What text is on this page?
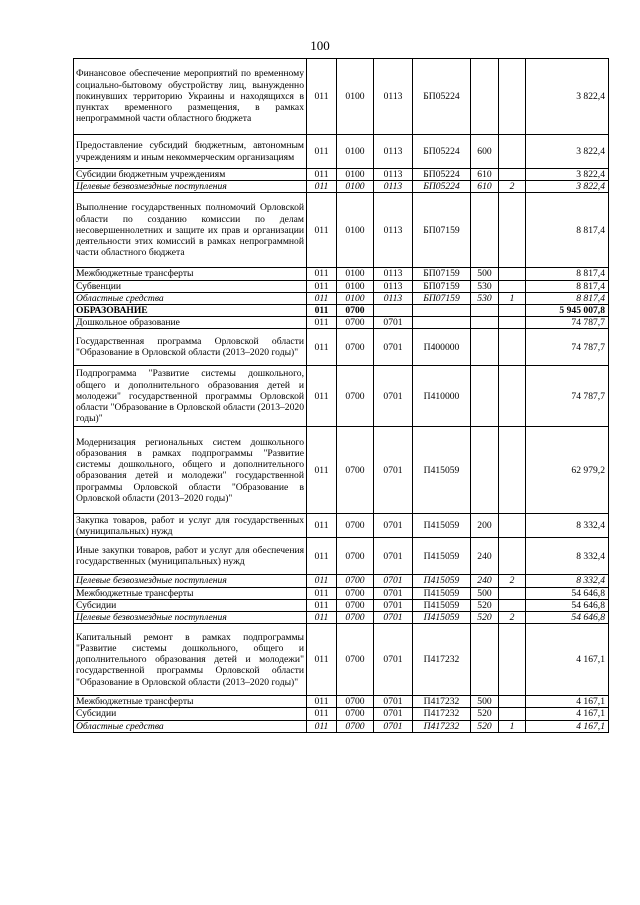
100
Финансовое обеспечение мероприятий по временному социально-бытовому обустройству лиц, вынужденно покинувших территорию Украины и находящихся в пунктах временного размещения, в рамках непрограммной части областного бюджета	011	0100	0113	БП05224			3 822,4
Предоставление субсидий бюджетным, автономным учреждениям и иным некоммерческим организациям	011	0100	0113	БП05224	600		3 822,4
Субсидии бюджетным учреждениям	011	0100	0113	БП05224	610		3 822,4
Целевые безвозмездные поступления	011	0100	0113	БП05224	610	2	3 822,4
Выполнение государственных полномочий Орловской области по созданию комиссии по делам несовершеннолетних и защите их прав и организации деятельности этих комиссий в рамках непрограммной части областного бюджета	011	0100	0113	БП07159			8 817,4
Межбюджетные трансферты	011	0100	0113	БП07159	500		8 817,4
Субвенции	011	0100	0113	БП07159	530		8 817,4
Областные средства	011	0100	0113	БП07159	530	1	8 817,4
ОБРАЗОВАНИЕ	011	0700					5 945 007,8
Дошкольное образование	011	0700	0701				74 787,7
Государственная программа Орловской области "Образование в Орловской области (2013–2020 годы)"	011	0700	0701	П400000			74 787,7
Подпрограмма "Развитие системы дошкольного, общего и дополнительного образования детей и молодежи" государственной программы Орловской области "Образование в Орловской области (2013–2020 годы)"	011	0700	0701	П410000			74 787,7
Модернизация региональных систем дошкольного образования в рамках подпрограммы "Развитие системы дошкольного, общего и дополнительного образования детей и молодежи" государственной программы Орловской области "Образование в Орловской области (2013–2020 годы)"	011	0700	0701	П415059			62 979,2
Закупка товаров, работ и услуг для государственных (муниципальных) нужд	011	0700	0701	П415059	200		8 332,4
Иные закупки товаров, работ и услуг для обеспечения государственных (муниципальных) нужд	011	0700	0701	П415059	240		8 332,4
Целевые безвозмездные поступления	011	0700	0701	П415059	240	2	8 332,4
Межбюджетные трансферты	011	0700	0701	П415059	500		54 646,8
Субсидии	011	0700	0701	П415059	520		54 646,8
Целевые безвозмездные поступления	011	0700	0701	П415059	520	2	54 646,8
Капитальный ремонт в рамках подпрограммы "Развитие системы дошкольного, общего и дополнительного образования детей и молодежи" государственной программы Орловской области "Образование в Орловской области (2013–2020 годы)"	011	0700	0701	П417232			4 167,1
Межбюджетные трансферты	011	0700	0701	П417232	500		4 167,1
Субсидии	011	0700	0701	П417232	520		4 167,1
Областные средства	011	0700	0701	П417232	520	1	4 167,1
